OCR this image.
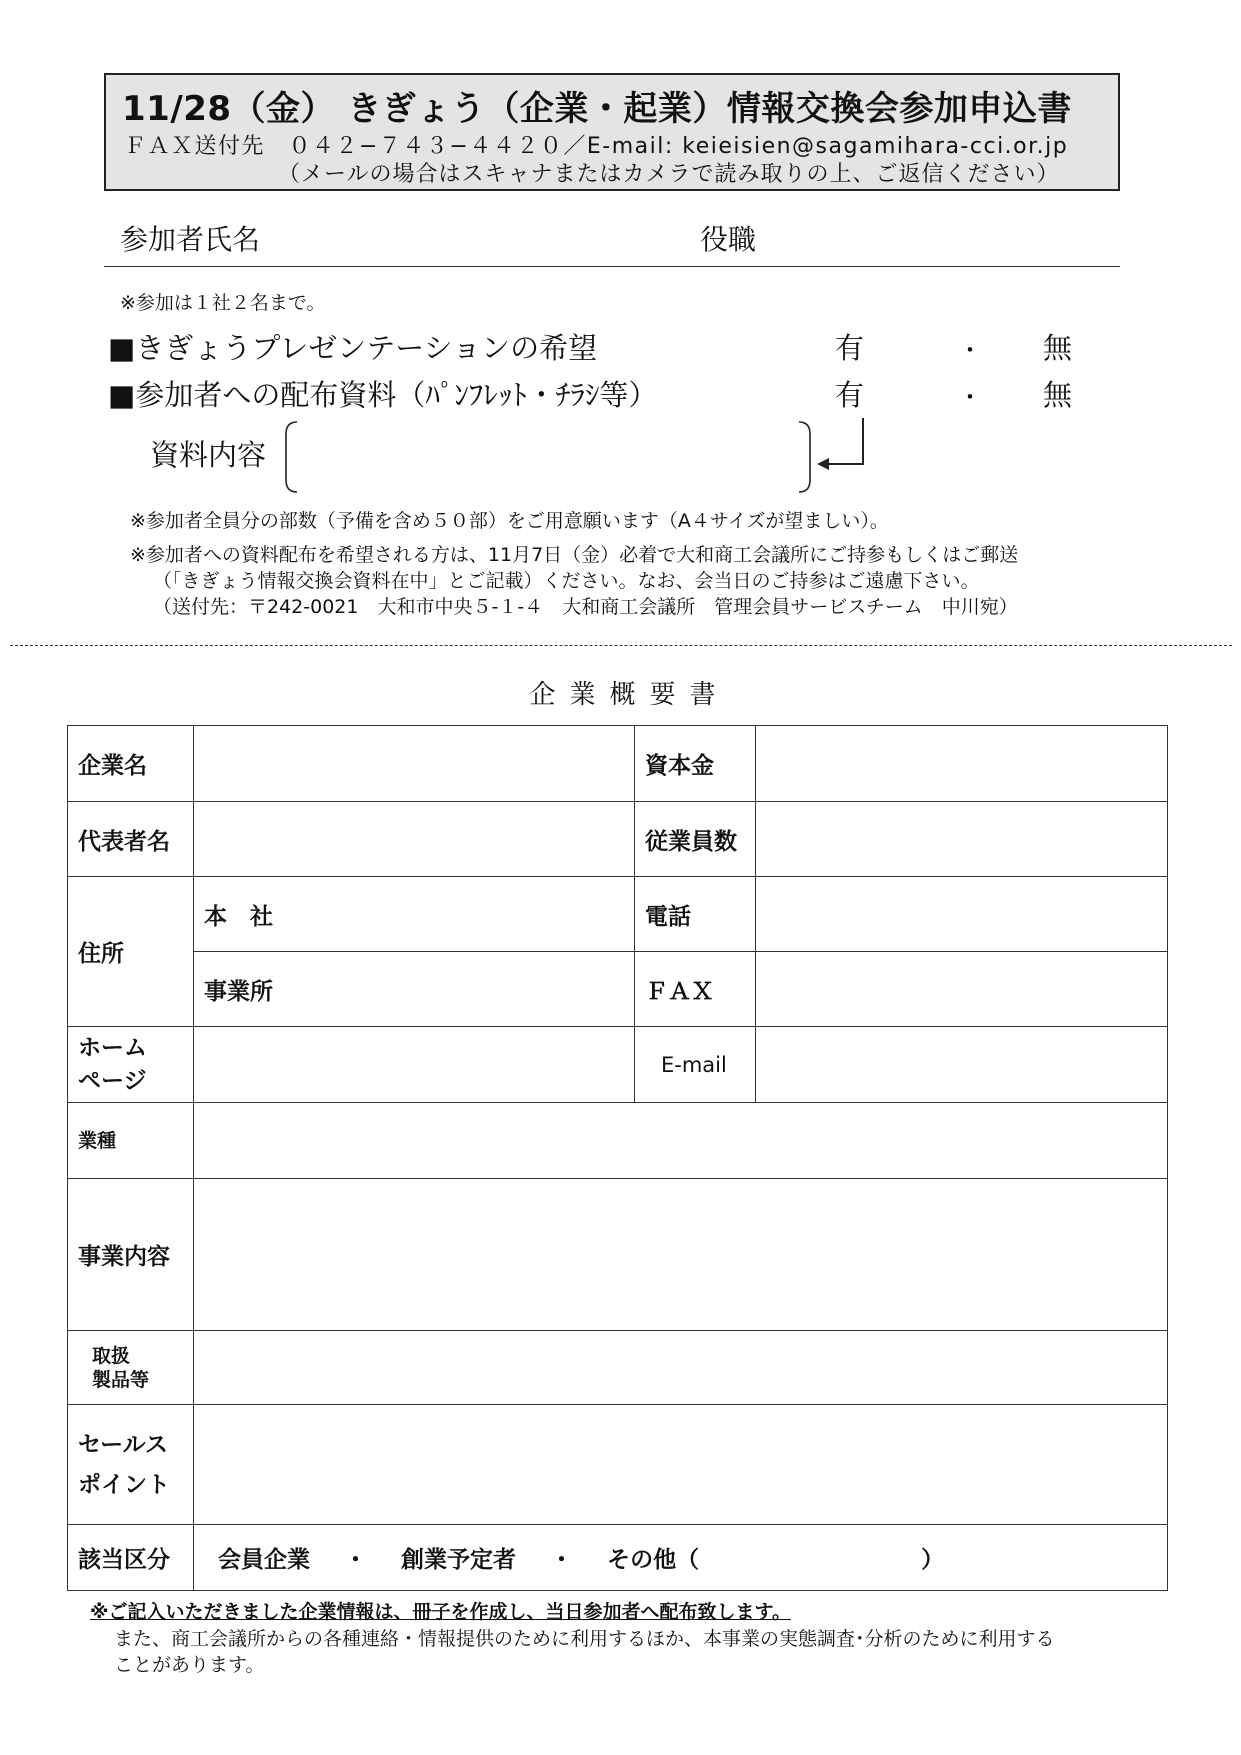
11/28（金） きぎょう（企業・起業）情報交換会参加申込書
ＦＡＸ送付先　０４２−７４３−４４２０／E-mail: keieisien@sagamihara-cci.or.jp
（メールの場合はスキャナまたはカメラで読み取りの上、ご返信ください）
参加者氏名	役職
※参加は１社２名まで。
■きぎょうプレゼンテーションの希望	有	・ 無
■参加者への配布資料（ﾊﾟﾝﾌﾚｯﾄ・ﾁﾗｼ等）	有	・ 無
資料内容
※参加者全員分の部数（予備を含め５０部）をご用意願います（A４サイズが望ましい）。
※参加者への資料配布を希望される方は、11月7日（金）必着で大和商工会議所にご持参もしくはご郵送
（「きぎょう情報交換会資料在中」とご記載）ください。なお、会当日のご持参はご遠慮下さい。
（送付先：〒242-0021　大和市中央５-１-４　大和商工会議所　管理会員サービスチーム　中川宛）
企業概要書
企業名		資本金	
代表者名		従業員数	
住所	本　社	電話	
	事業所	ＦＡＸ	
ホーム
ページ		E-mail	
業種			
事業内容			
取扱
製品等			
セールス
ポイント			
該当区分	会員企業 ・ 創業予定者 ・ その他（ ）		
※ご記入いただきました企業情報は、冊子を作成し、当日参加者へ配布致します。
また、商工会議所からの各種連絡・情報提供のために利用するほか、本事業の実態調査･分析のために利用する
ことがあります。
